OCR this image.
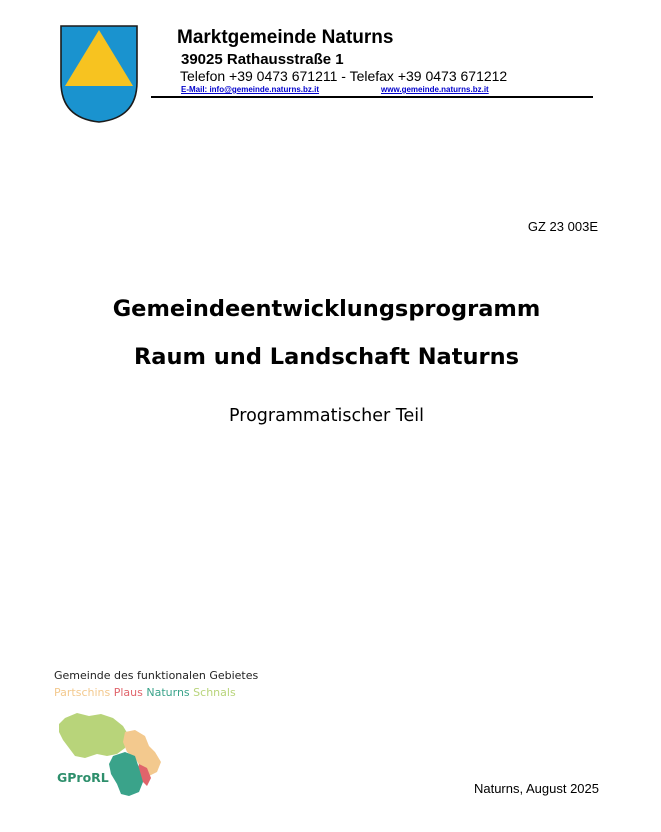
Marktgemeinde Naturns
39025 Rathausstraße 1
Telefon +39 0473 671211 - Telefax +39 0473 671212
E-Mail: info@gemeinde.naturns.bz.it	www.gemeinde.naturns.bz.it
GZ 23 003E
Gemeindeentwicklungsprogramm
Raum und Landschaft Naturns
Programmatischer Teil
Gemeinde des funktionalen Gebietes
Partschins Plaus Naturns Schnals
GProRL
Naturns, August 2025
